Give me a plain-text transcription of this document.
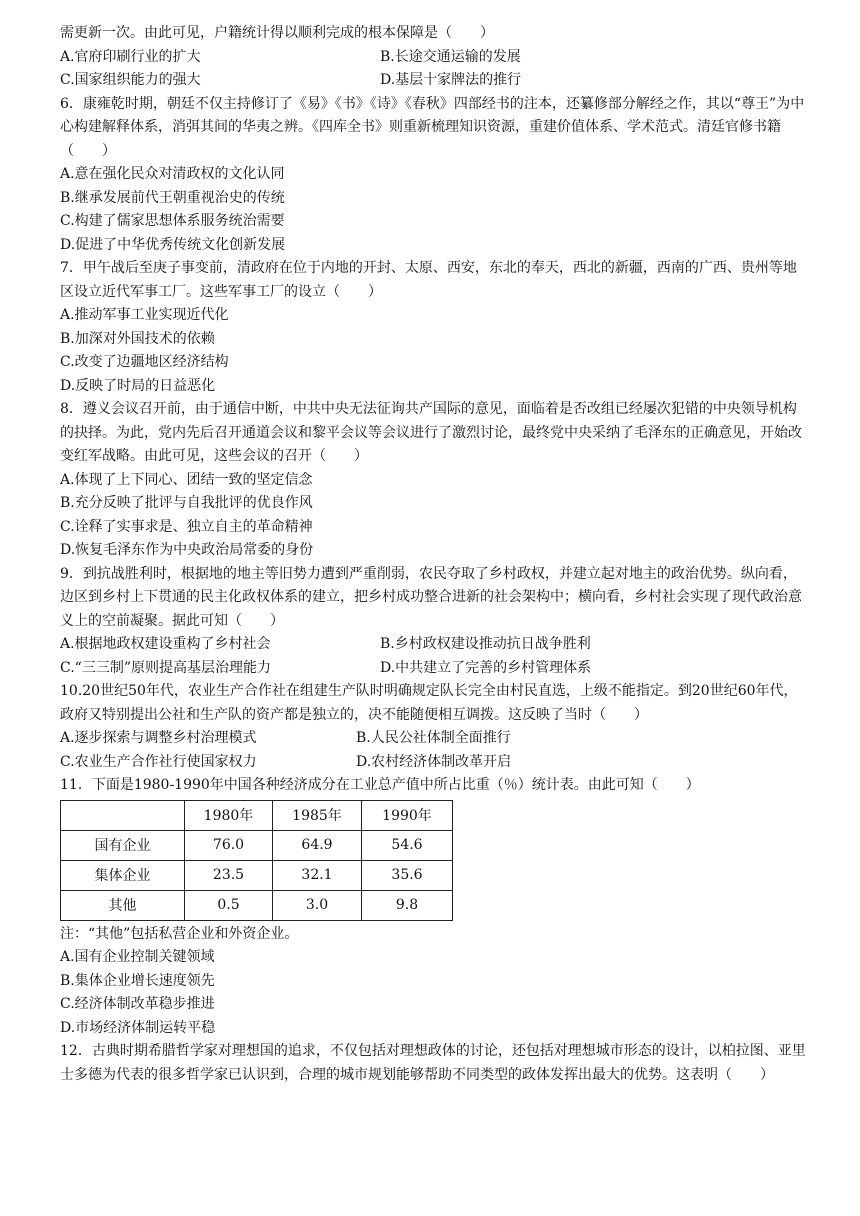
需更新一次。由此可见，户籍统计得以顺利完成的根本保障是（　　）
A.官府印刷行业的扩大	B.长途交通运输的发展
C.国家组织能力的强大	D.基层十家牌法的推行
6．康雍乾时期，朝廷不仅主持修订了《易》《书》《诗》《春秋》四部经书的注本，还纂修部分解经之作，其以“尊王”为中心构建解释体系，消弭其间的华夷之辨。《四库全书》则重新梳理知识资源，重建价值体系、学术范式。清廷官修书籍（　　）
A.意在强化民众对清政权的文化认同
B.继承发展前代王朝重视治史的传统
C.构建了儒家思想体系服务统治需要
D.促进了中华优秀传统文化创新发展
7．甲午战后至庚子事变前，清政府在位于内地的开封、太原、西安，东北的奉天，西北的新疆，西南的广西、贵州等地区设立近代军事工厂。这些军事工厂的设立（　　）
A.推动军事工业实现近代化
B.加深对外国技术的依赖
C.改变了边疆地区经济结构
D.反映了时局的日益恶化
8．遵义会议召开前，由于通信中断，中共中央无法征询共产国际的意见，面临着是否改组已经屡次犯错的中央领导机构的抉择。为此，党内先后召开通道会议和黎平会议等会议进行了激烈讨论，最终党中央采纳了毛泽东的正确意见，开始改变红军战略。由此可见，这些会议的召开（　　）
A.体现了上下同心、团结一致的坚定信念
B.充分反映了批评与自我批评的优良作风
C.诠释了实事求是、独立自主的革命精神
D.恢复毛泽东作为中央政治局常委的身份
9．到抗战胜利时，根据地的地主等旧势力遭到严重削弱，农民夺取了乡村政权，并建立起对地主的政治优势。纵向看，边区到乡村上下贯通的民主化政权体系的建立，把乡村成功整合进新的社会架构中；横向看，乡村社会实现了现代政治意义上的空前凝聚。据此可知（　　）
A.根据地政权建设重构了乡村社会	B.乡村政权建设推动抗日战争胜利
C.“三三制”原则提高基层治理能力	D.中共建立了完善的乡村管理体系
10.20世纪50年代，农业生产合作社在组建生产队时明确规定队长完全由村民直选，上级不能指定。到20世纪60年代，政府又特别提出公社和生产队的资产都是独立的，决不能随便相互调拨。这反映了当时（　　）
A.逐步探索与调整乡村治理模式	B.人民公社体制全面推行
C.农业生产合作社行使国家权力	D.农村经济体制改革开启
11．下面是1980-1990年中国各种经济成分在工业总产值中所占比重（％）统计表。由此可知（　　）
	1980年	1985年	1990年
国有企业	76.0	64.9	54.6
集体企业	23.5	32.1	35.6
其他	0.5	3.0	9.8
注：“其他”包括私营企业和外资企业。
A.国有企业控制关键领域
B.集体企业增长速度领先
C.经济体制改革稳步推进
D.市场经济体制运转平稳
12．古典时期希腊哲学家对理想国的追求，不仅包括对理想政体的讨论，还包括对理想城市形态的设计，以柏拉图、亚里士多德为代表的很多哲学家已认识到，合理的城市规划能够帮助不同类型的政体发挥出最大的优势。这表明（　　）
